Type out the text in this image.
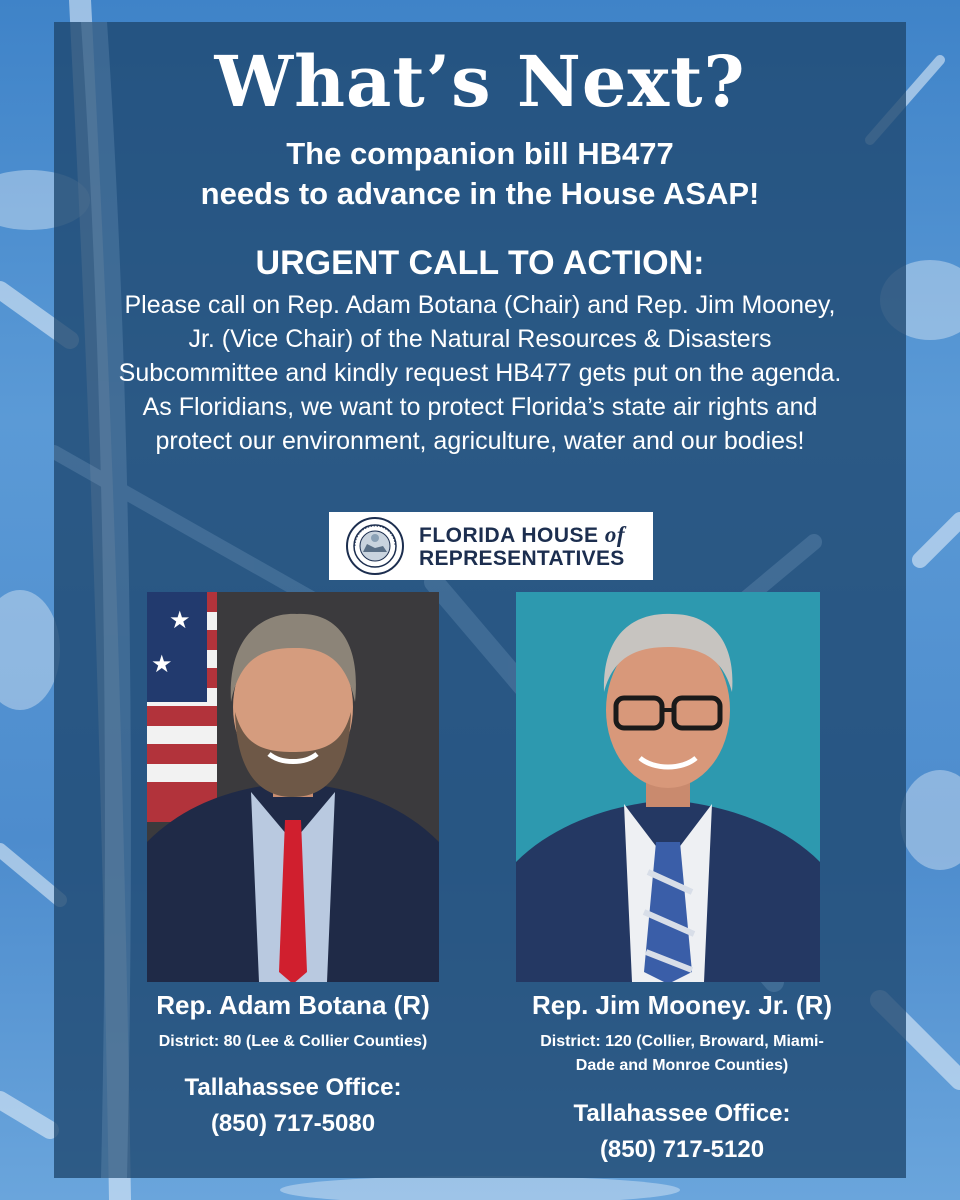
What’s Next?
The companion bill HB477
needs to advance in the House ASAP!
URGENT CALL TO ACTION:

Please call on Rep. Adam Botana (Chair) and Rep. Jim Mooney, Jr. (Vice Chair) of the Natural Resources & Disasters Subcommittee and kindly request HB477 gets put on the agenda. As Floridians, we want to protect Florida’s state air rights and protect our environment, agriculture, water and our bodies!

FLORIDA HOUSE of
REPRESENTATIVES
★
★
Rep. Adam Botana (R)
District: 80 (Lee & Collier Counties)
Tallahassee Office:
(850) 717-5080
Rep. Jim Mooney. Jr. (R)
District: 120 (Collier, Broward, Miami-
Dade and Monroe Counties)
Tallahassee Office:
(850) 717-5120
